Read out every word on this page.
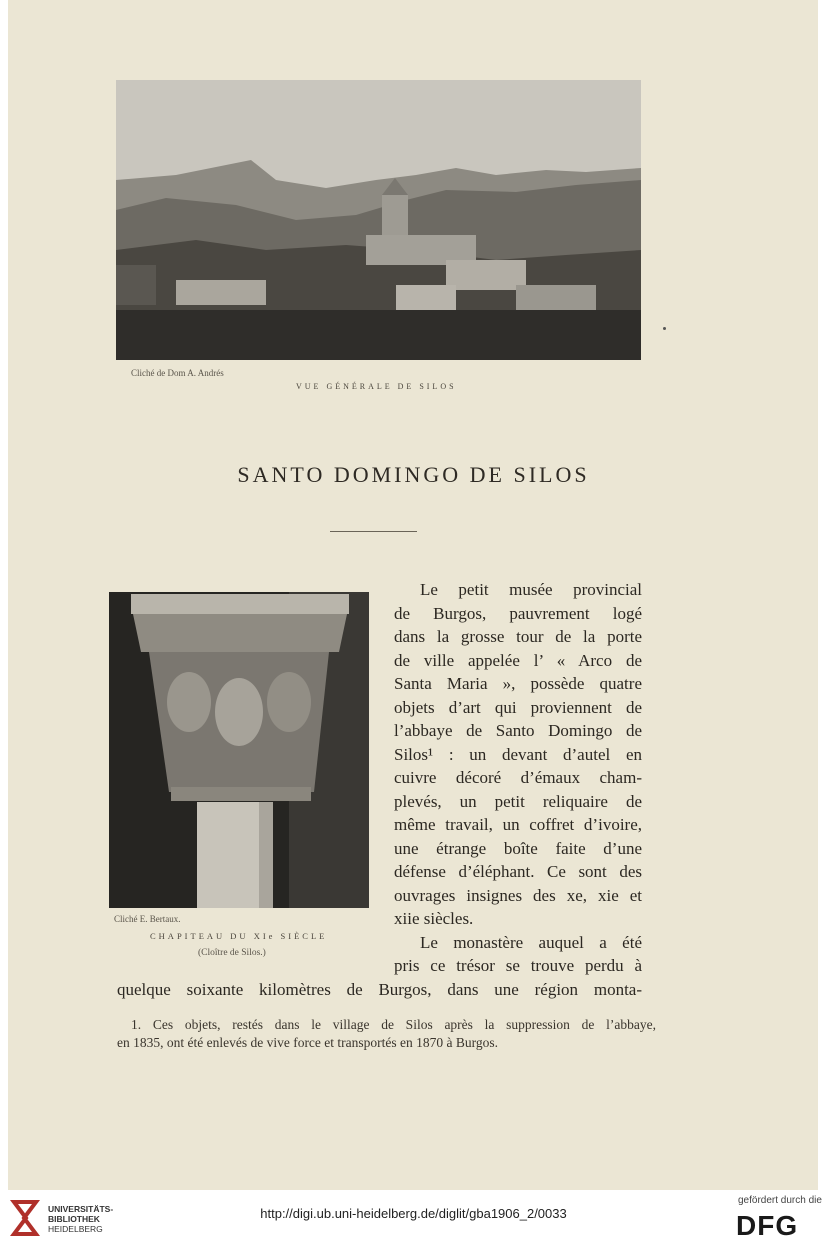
Cliché de Dom A. Andrés
VUE GÉNÉRALE DE SILOS
SANTO DOMINGO DE SILOS
Cliché E. Bertaux.
CHAPITEAU DU XIe SIÈCLE
(Cloître de Silos.)
Le petit musée provincial
de Burgos, pauvrement logé
dans la grosse tour de la porte
de ville appelée l’ « Arco de
Santa Maria », possède quatre
objets d’art qui proviennent de
l’abbaye de Santo Domingo de
Silos¹ : un devant d’autel en
cuivre décoré d’émaux cham-
plevés, un petit reliquaire de
même travail, un coffret d’ivoire,
une étrange boîte faite d’une
défense d’éléphant. Ce sont des
ouvrages insignes des xe, xie et
xiie siècles.
Le monastère auquel a été
pris ce trésor se trouve perdu à
quelque soixante kilomètres de Burgos, dans une région monta-
1. Ces objets, restés dans le village de Silos après la suppression de l’abbaye,
en 1835, ont été enlevés de vive force et transportés en 1870 à Burgos.
UNIVERSITÄTS-
BIBLIOTHEK
HEIDELBERG
http://digi.ub.uni-heidelberg.de/diglit/gba1906_2/0033
gefördert durch die
DFG
